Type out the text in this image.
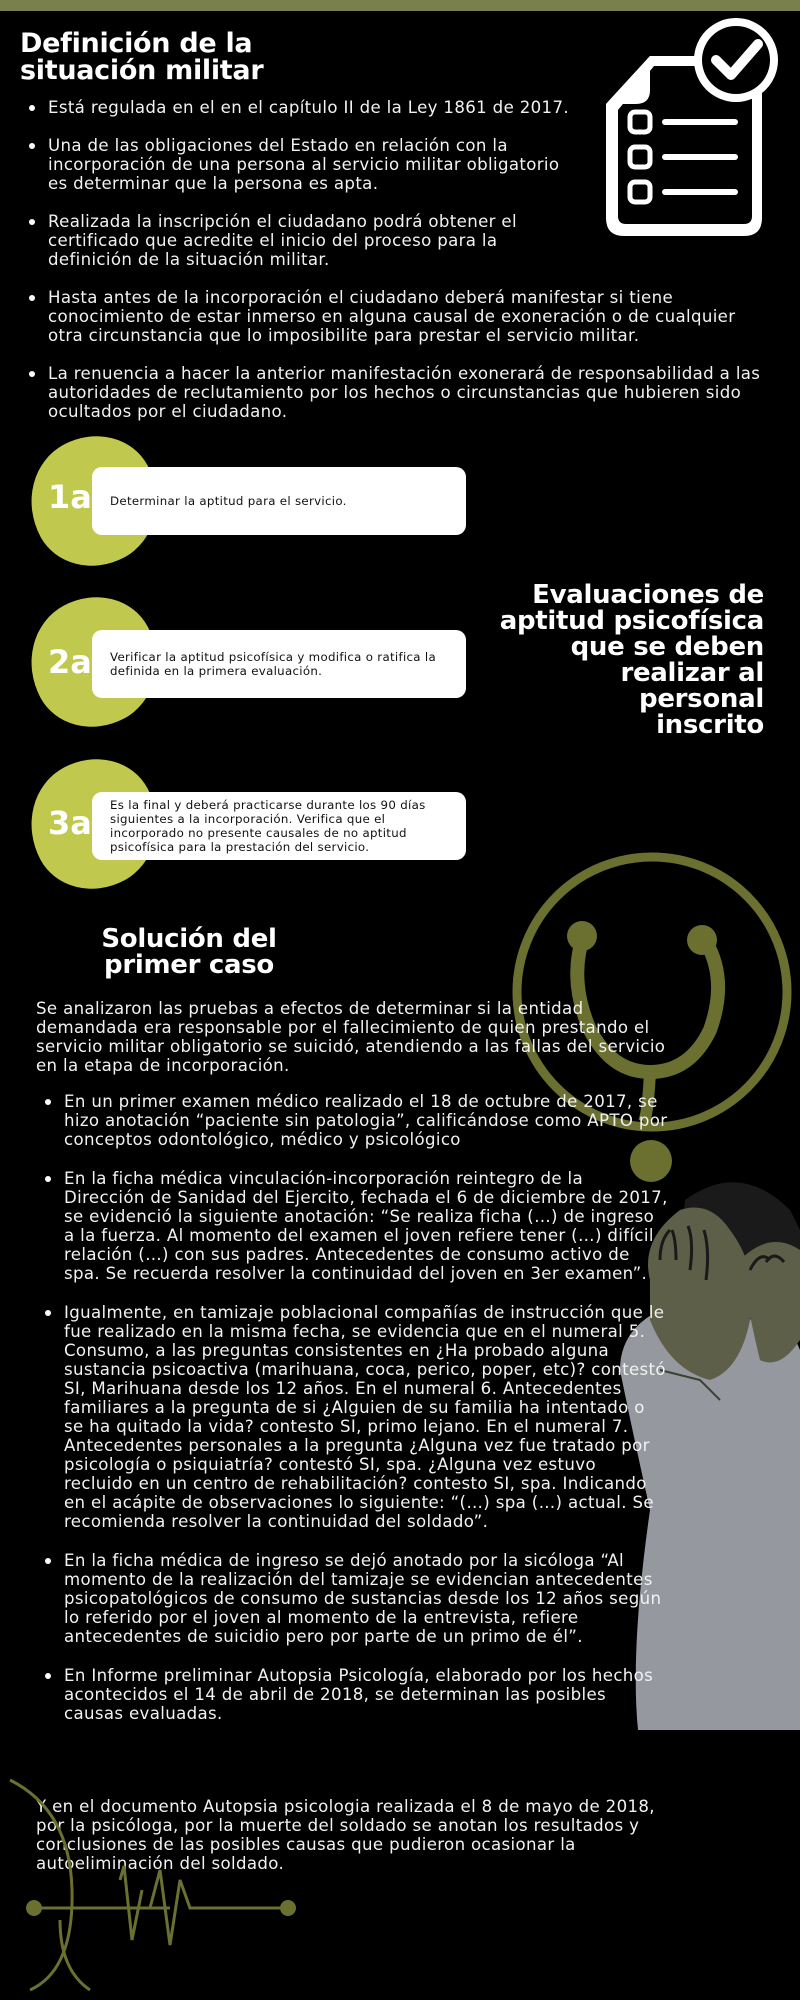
Definición de la
situación militar
Está regulada en el en el capítulo II de la Ley 1861 de 2017.
Una de las obligaciones del Estado en relación con la incorporación de una persona al servicio militar obligatorio es determinar que la persona es apta.
Realizada la inscripción el ciudadano podrá obtener el certificado que acredite el inicio del proceso para la definición de la situación militar.
Hasta antes de la incorporación el ciudadano deberá manifestar si tiene conocimiento de estar inmerso en alguna causal de exoneración o de cualquier otra circunstancia que lo imposibilite para prestar el servicio militar.
La renuencia a hacer la anterior manifestación exonerará de responsabilidad a las autoridades de reclutamiento por los hechos o circunstancias que hubieren sido ocultados por el ciudadano.
1a Determinar la aptitud para el servicio.
2a Verificar la aptitud psicofísica y modifica o ratifica la definida en la primera evaluación.
3a Es la final y deberá practicarse durante los 90 días siguientes a la incorporación. Verifica que el incorporado no presente causales de no aptitud psicofísica para la prestación del servicio.
Evaluaciones de
aptitud psicofísica
que se deben
realizar al personal
inscrito
Solución del
primer caso

Se analizaron las pruebas a efectos de determinar si la entidad demandada era responsable por el fallecimiento de quien prestando el servicio militar obligatorio se suicidó, atendiendo a las fallas del servicio en la etapa de incorporación.

En un primer examen médico realizado el 18 de octubre de 2017, se hizo anotación “paciente sin patologia”, calificándose como APTO por conceptos odontológico, médico y psicológico
En la ficha médica vinculación-incorporación reintegro de la Dirección de Sanidad del Ejercito, fechada el 6 de diciembre de 2017, se evidenció la siguiente anotación: “Se realiza ficha (…) de ingreso a la fuerza. Al momento del examen el joven refiere tener (…) difícil relación (…) con sus padres. Antecedentes de consumo activo de spa. Se recuerda resolver la continuidad del joven en 3er examen”.
Igualmente, en tamizaje poblacional compañías de instrucción que le fue realizado en la misma fecha, se evidencia que en el numeral 5. Consumo, a las preguntas consistentes en ¿Ha probado alguna sustancia psicoactiva (marihuana, coca, perico, poper, etc)? contestó SI, Marihuana desde los 12 años. En el numeral 6. Antecedentes familiares a la pregunta de si ¿Alguien de su familia ha intentado o se ha quitado la vida? contesto SI, primo lejano. En el numeral 7. Antecedentes personales a la pregunta ¿Alguna vez fue tratado por psicología o psiquiatría? contestó SI, spa. ¿Alguna vez estuvo recluido en un centro de rehabilitación? contesto SI, spa. Indicando en el acápite de observaciones lo siguiente: “(…) spa (…) actual. Se recomienda resolver la continuidad del soldado”.
En la ficha médica de ingreso se dejó anotado por la sicóloga “Al momento de la realización del tamizaje se evidencian antecedentes psicopatológicos de consumo de sustancias desde los 12 años según lo referido por el joven al momento de la entrevista, refiere antecedentes de suicidio pero por parte de un primo de él”.
En Informe preliminar Autopsia Psicología, elaborado por los hechos acontecidos el 14 de abril de 2018, se determinan las posibles causas evaluadas.

Y en el documento Autopsia psicologia realizada el 8 de mayo de 2018, por la psicóloga, por la muerte del soldado se anotan los resultados y conclusiones de las posibles causas que pudieron ocasionar la autoeliminación del soldado.
